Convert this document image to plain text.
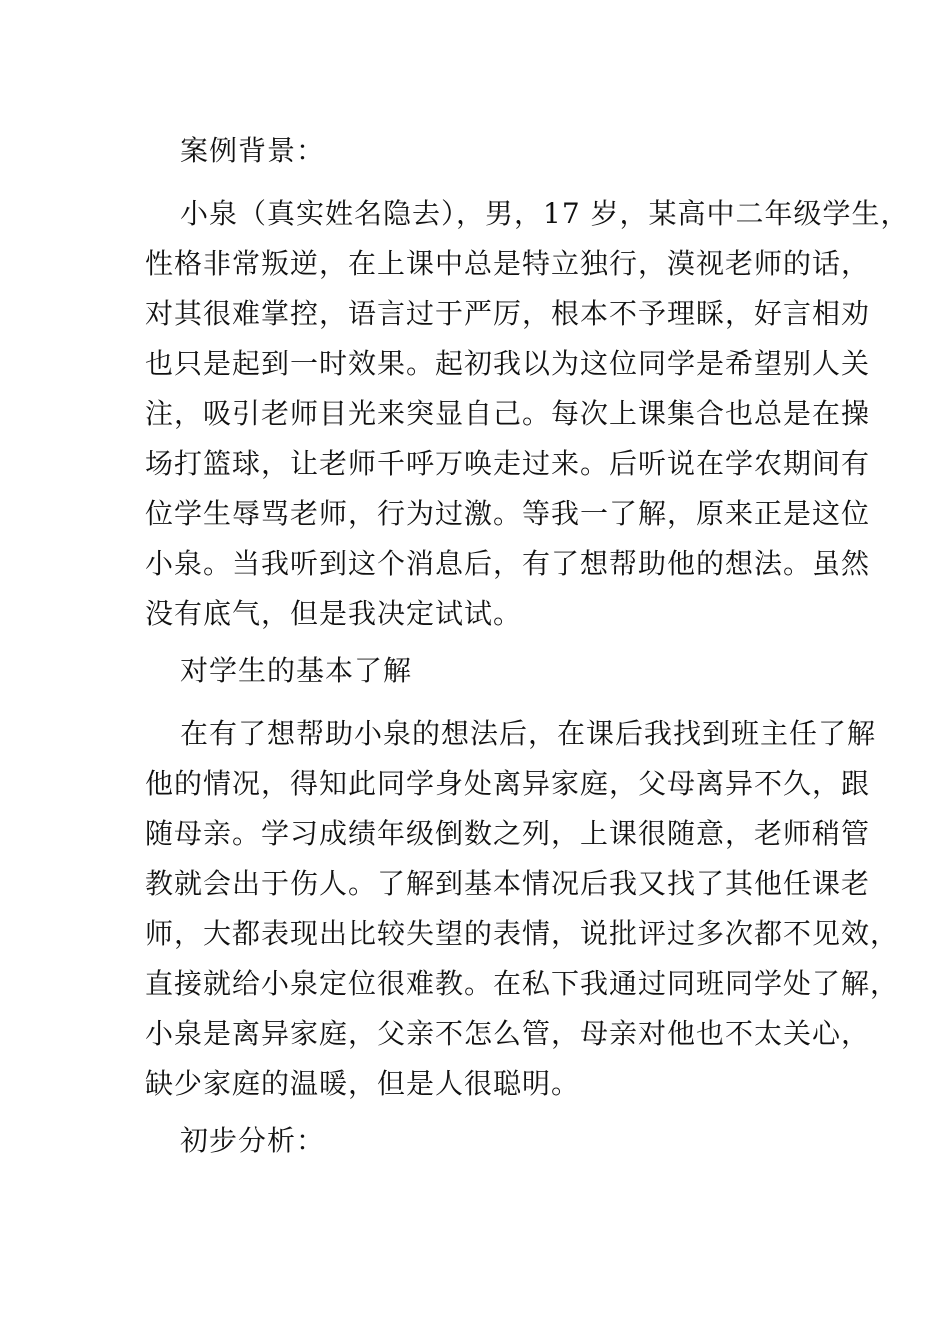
案例背景：
小泉（真实姓名隐去），男，17 岁，某高中二年级学生，
性格非常叛逆，在上课中总是特立独行，漠视老师的话，
对其很难掌控，语言过于严厉，根本不予理睬，好言相劝
也只是起到一时效果。起初我以为这位同学是希望别人关
注，吸引老师目光来突显自己。每次上课集合也总是在操
场打篮球，让老师千呼万唤走过来。后听说在学农期间有
位学生辱骂老师，行为过激。等我一了解，原来正是这位
小泉。当我听到这个消息后，有了想帮助他的想法。虽然
没有底气，但是我决定试试。
对学生的基本了解
在有了想帮助小泉的想法后，在课后我找到班主任了解
他的情况，得知此同学身处离异家庭，父母离异不久，跟
随母亲。学习成绩年级倒数之列，上课很随意，老师稍管
教就会出于伤人。了解到基本情况后我又找了其他任课老
师，大都表现出比较失望的表情，说批评过多次都不见效，
直接就给小泉定位很难教。在私下我通过同班同学处了解，
小泉是离异家庭，父亲不怎么管，母亲对他也不太关心，
缺少家庭的温暖，但是人很聪明。
初步分析：
